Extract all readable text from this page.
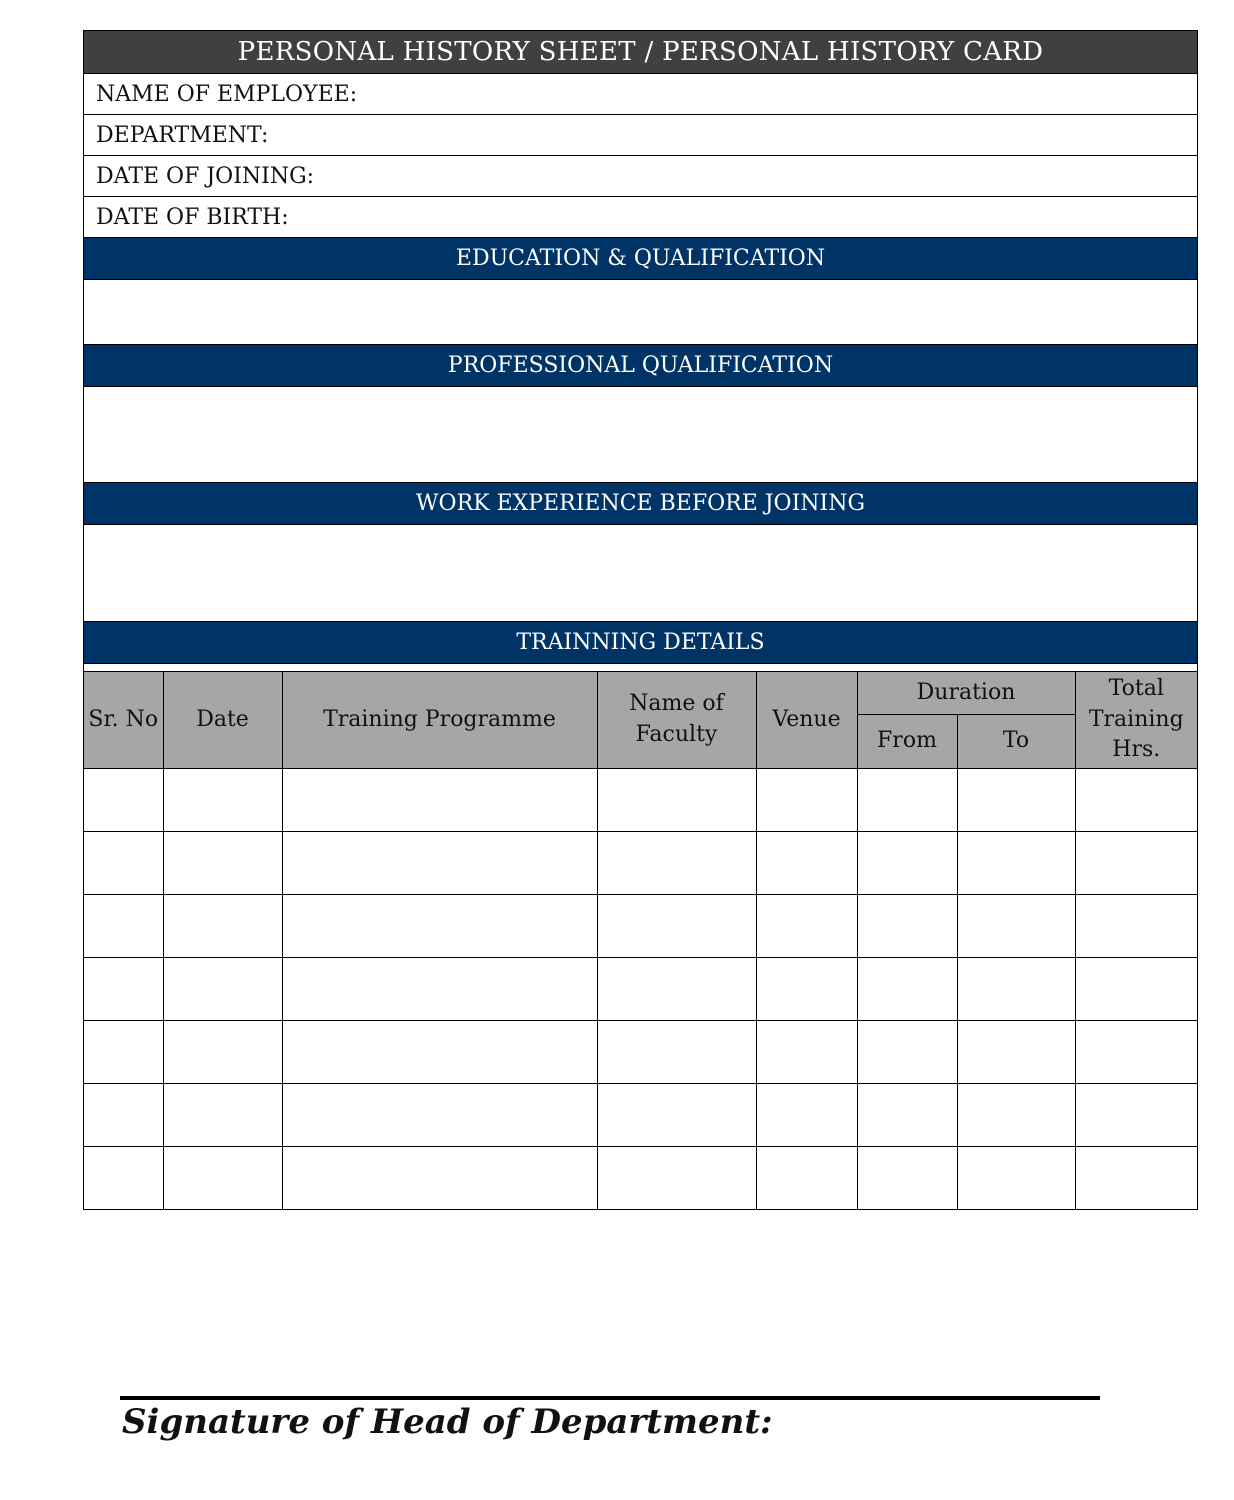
PERSONAL HISTORY SHEET / PERSONAL HISTORY CARD
NAME OF EMPLOYEE:
DEPARTMENT:
DATE OF JOINING:
DATE OF BIRTH:
EDUCATION & QUALIFICATION
PROFESSIONAL QUALIFICATION
WORK EXPERIENCE BEFORE JOINING
TRAINNING DETAILS
Sr. No	Date	Training Programme	Name of Faculty	Venue	Duration		Total Training Hrs.
					From	To	

Signature of Head of Department:
